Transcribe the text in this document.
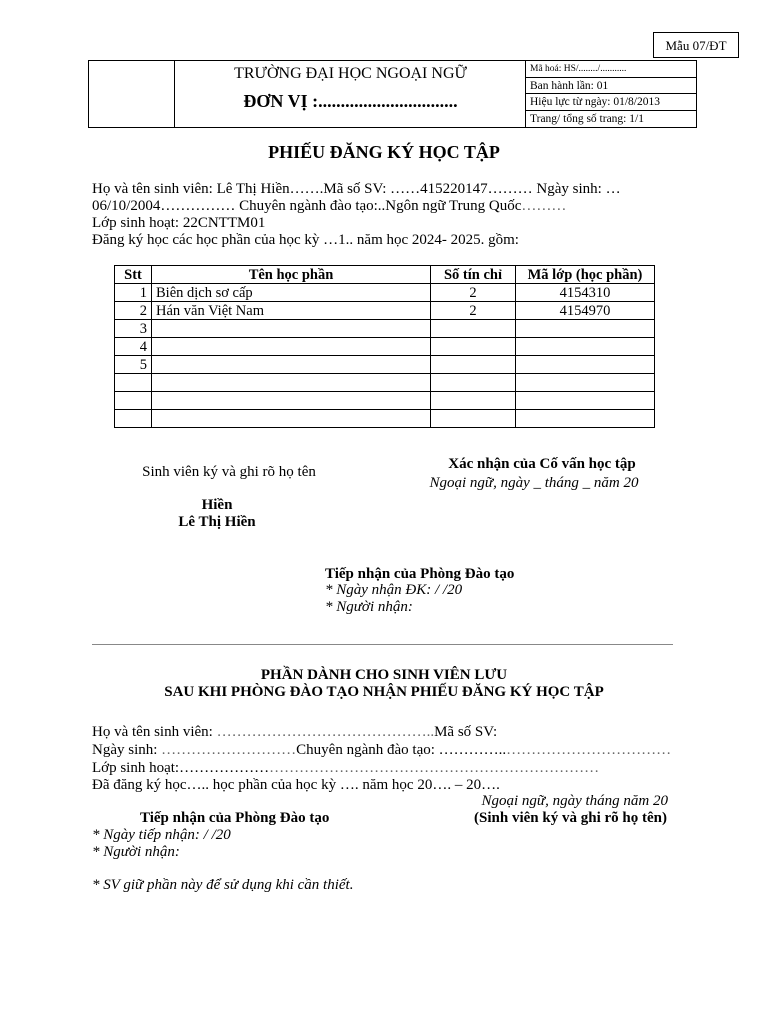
Mẫu 07/ĐT
TRƯỜNG ĐẠI HỌC NGOẠI NGỮ
ĐƠN VỊ :...............................
Mã hoá: HS/......../...........
Ban hành lần: 01
Hiệu lực từ ngày: 01/8/2013
Trang/ tổng số trang: 1/1
PHIẾU ĐĂNG KÝ HỌC TẬP
Họ và tên sinh viên: Lê Thị Hiền…….Mã số SV: ……415220147……… Ngày sinh: …
06/10/2004…………… Chuyên ngành đào tạo:..Ngôn ngữ Trung Quốc………
Lớp sinh hoạt: 22CNTTM01
Đăng ký học các học phần của học kỳ …1.. năm học 2024- 2025. gồm:
Stt	Tên học phần	Số tín chỉ	Mã lớp (học phần)
1	Biên dịch sơ cấp	2	4154310
2	Hán văn Việt Nam	2	4154970
3			
4			
5			

Sinh viên ký và ghi rõ họ tên
Hiền
Lê Thị Hiền
Xác nhận của Cố vấn học tập
Ngoại ngữ, ngày _ tháng _ năm 20
Tiếp nhận của Phòng Đào tạo
* Ngày nhận ĐK: / /20
* Người nhận:
PHẦN DÀNH CHO SINH VIÊN LƯU
SAU KHI PHÒNG ĐÀO TẠO NHẬN PHIẾU ĐĂNG KÝ HỌC TẬP
Họ và tên sinh viên: ……………………………………..Mã số SV:
Ngày sinh: ………………………Chuyên ngành đào tạo: …………..……………………………
Lớp sinh hoạt:…………………………………………………………………………
Đã đăng ký học….. học phần của học kỳ …. năm học 20…. – 20….
Ngoại ngữ, ngày tháng năm 20
Tiếp nhận của Phòng Đào tạo	(Sinh viên ký và ghi rõ họ tên)
* Ngày tiếp nhận: / /20
* Người nhận:
* SV giữ phần này để sử dụng khi cần thiết.
